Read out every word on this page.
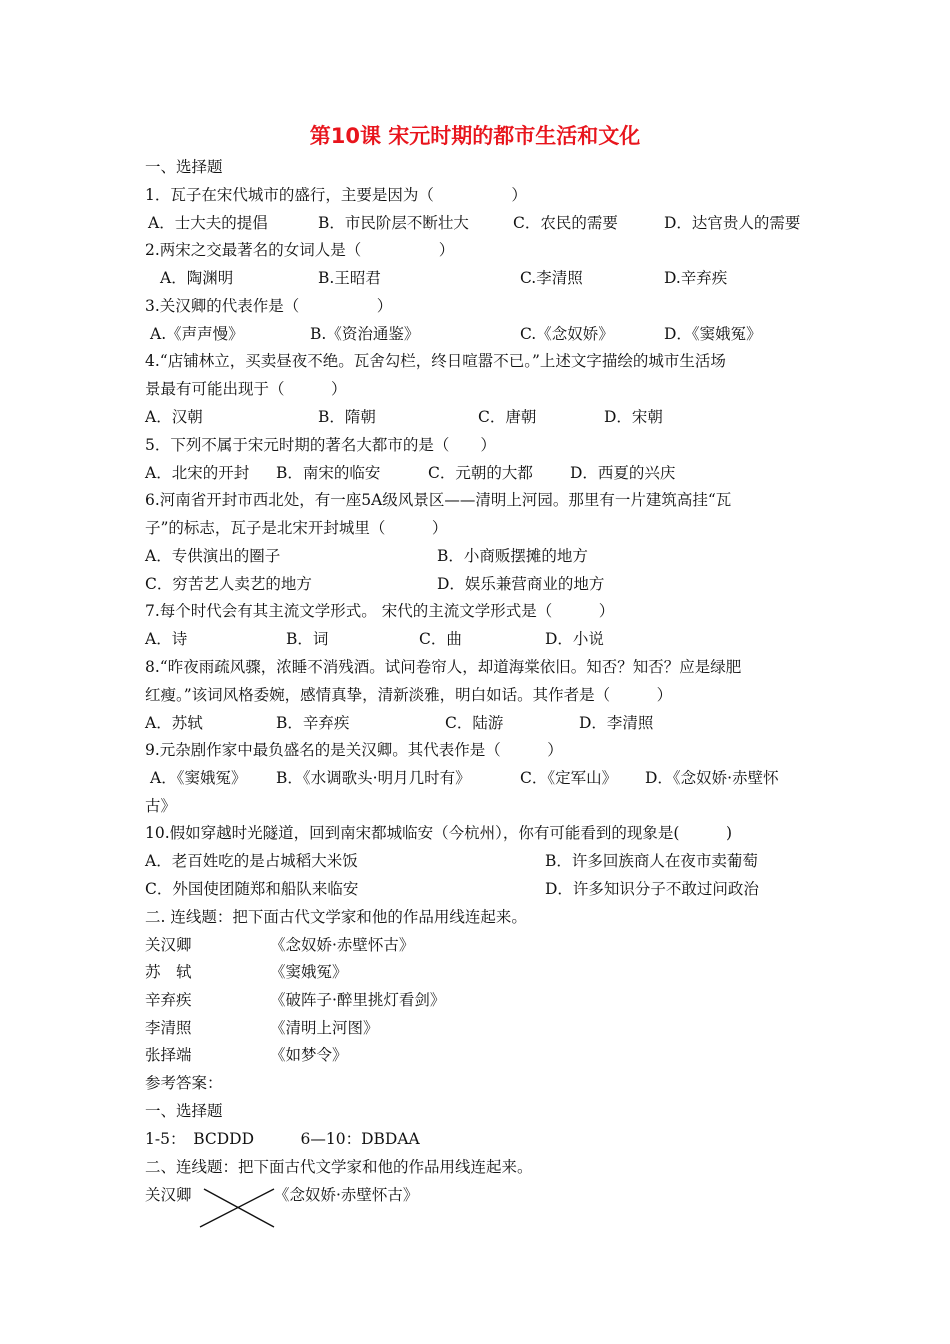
第10课 宋元时期的都市生活和文化
一、选择题
1．瓦子在宋代城市的盛行，主要是因为（　　　　　）
A．士大夫的提倡	B．市民阶层不断壮大	C．农民的需要	D．达官贵人的需要
2.两宋之交最著名的女词人是（　　　　　）
A．陶渊明	B.王昭君	C.李清照	D.辛弃疾
3.关汉卿的代表作是（　　　　　）
A.《声声慢》	B.《资治通鉴》	C.《念奴娇》	D．《窦娥冤》
4.“店铺林立，买卖昼夜不绝。瓦舍勾栏，终日喧嚣不已。”上述文字描绘的城市生活场
景最有可能出现于（　　　）
A．汉朝	B．隋朝	C．唐朝	D．宋朝
5．下列不属于宋元时期的著名大都市的是（　　）
A．北宋的开封 B．南宋的临安	C．元朝的大都 D．西夏的兴庆
6.河南省开封市西北处，有一座5A级风景区——清明上河园。那里有一片建筑高挂“瓦
子”的标志，瓦子是北宋开封城里（　　　）
A．专供演出的圈子	B．小商贩摆摊的地方
C．穷苦艺人卖艺的地方	D．娱乐兼营商业的地方
7.每个时代会有其主流文学形式。 宋代的主流文学形式是（　　　）
A．诗	B．词	C．曲	D．小说
8.“昨夜雨疏风骤，浓睡不消残酒。试问卷帘人，却道海棠依旧。知否？知否？应是绿肥
红瘦。”该词风格委婉，感情真挚，清新淡雅，明白如话。其作者是（　　　）
A．苏轼	B．辛弃疾	C．陆游	D．李清照
9.元杂剧作家中最负盛名的是关汉卿。其代表作是（　　　）
A．《窦娥冤》 B．《水调歌头·明月几时有》	C．《定军山》 D．《念奴娇·赤壁怀
古》
10.假如穿越时光隧道，回到南宋都城临安（今杭州），你有可能看到的现象是(　　　)
A．老百姓吃的是占城稻大米饭	B．许多回族商人在夜市卖葡萄
C．外国使团随郑和船队来临安	D．许多知识分子不敢过问政治
二. 连线题：把下面古代文学家和他的作品用线连起来。
关汉卿	《念奴娇·赤壁怀古》
苏　轼	《窦娥冤》
辛弃疾	《破阵子·醉里挑灯看剑》
李清照	《清明上河图》
张择端	《如梦令》
参考答案：
一、选择题
1-5：　BCDDD　　　6—10：DBDAA
二、连线题：把下面古代文学家和他的作品用线连起来。
关汉卿	《念奴娇·赤壁怀古》
